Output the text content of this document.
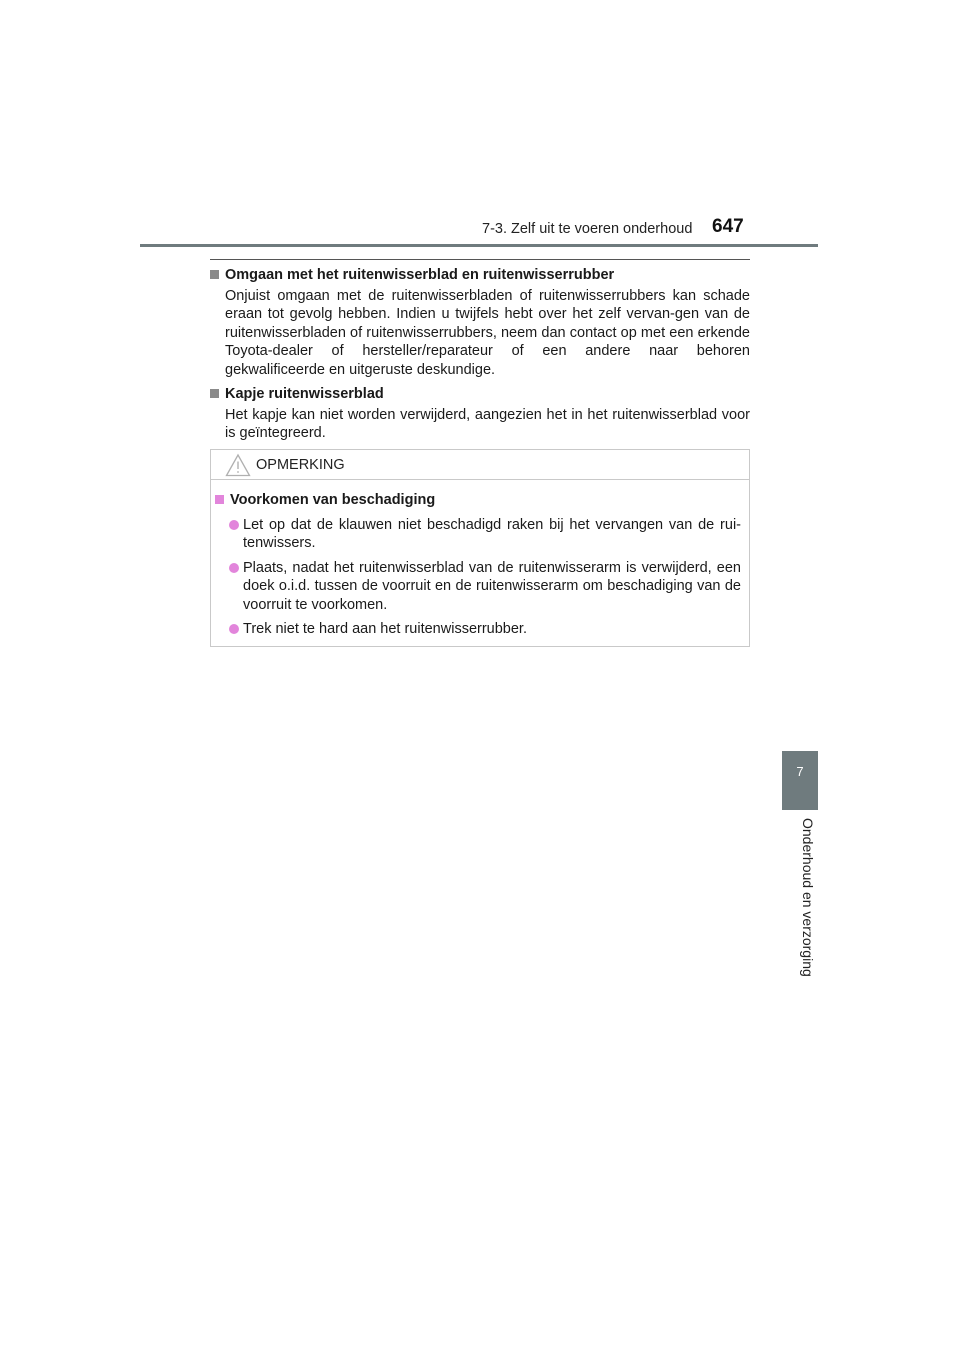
7-3. Zelf uit te voeren onderhoud 647
7
Onderhoud en verzorging
Omgaan met het ruitenwisserblad en ruitenwisserrubber
Onjuist omgaan met de ruitenwisserbladen of ruitenwisserrubbers kan schade eraan tot gevolg hebben. Indien u twijfels hebt over het zelf vervan-gen van de ruitenwisserbladen of ruitenwisserrubbers, neem dan contact op met een erkende Toyota-dealer of hersteller/reparateur of een andere naar behoren gekwalificeerde en uitgeruste deskundige.
Kapje ruitenwisserblad
Het kapje kan niet worden verwijderd, aangezien het in het ruitenwisserblad voor is geïntegreerd.
OPMERKING
Voorkomen van beschadiging
Let op dat de klauwen niet beschadigd raken bij het vervangen van de rui-tenwissers.
Plaats, nadat het ruitenwisserblad van de ruitenwisserarm is verwijderd, een doek o.i.d. tussen de voorruit en de ruitenwisserarm om beschadiging van de voorruit te voorkomen.
Trek niet te hard aan het ruitenwisserrubber.
